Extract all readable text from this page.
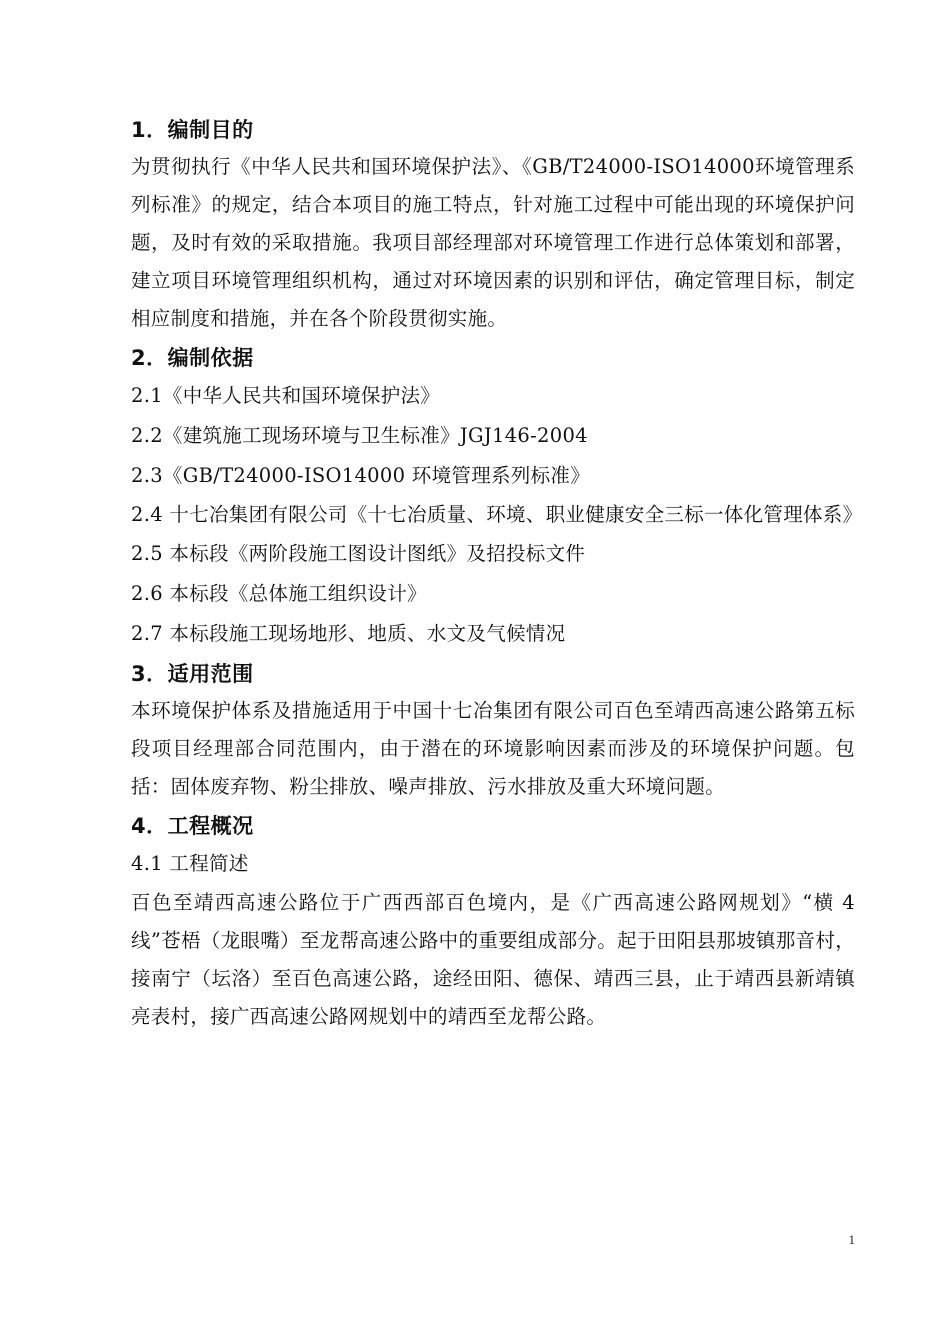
1．编制目的

为贯彻执行《中华人民共和国环境保护法》、《GB/T24000-ISO14000环境管理系列标准》的规定，结合本项目的施工特点，针对施工过程中可能出现的环境保护问题，及时有效的采取措施。我项目部经理部对环境管理工作进行总体策划和部署，建立项目环境管理组织机构，通过对环境因素的识别和评估，确定管理目标，制定相应制度和措施，并在各个阶段贯彻实施。

2．编制依据

2.1《中华人民共和国环境保护法》

2.2《建筑施工现场环境与卫生标准》JGJ146-2004

2.3《GB/T24000-ISO14000 环境管理系列标准》

2.4 十七冶集团有限公司《十七冶质量、环境、职业健康安全三标一体化管理体系》

2.5 本标段《两阶段施工图设计图纸》及招投标文件

2.6 本标段《总体施工组织设计》

2.7 本标段施工现场地形、地质、水文及气候情况

3．适用范围

本环境保护体系及措施适用于中国十七冶集团有限公司百色至靖西高速公路第五标段项目经理部合同范围内，由于潜在的环境影响因素而涉及的环境保护问题。包括：固体废弃物、粉尘排放、噪声排放、污水排放及重大环境问题。

4．工程概况

4.1 工程简述

百色至靖西高速公路位于广西西部百色境内，是《广西高速公路网规划》“横 4 线”苍梧（龙眼嘴）至龙帮高速公路中的重要组成部分。起于田阳县那坡镇那音村，接南宁（坛洛）至百色高速公路，途经田阳、德保、靖西三县，止于靖西县新靖镇亮表村，接广西高速公路网规划中的靖西至龙帮公路。

1
